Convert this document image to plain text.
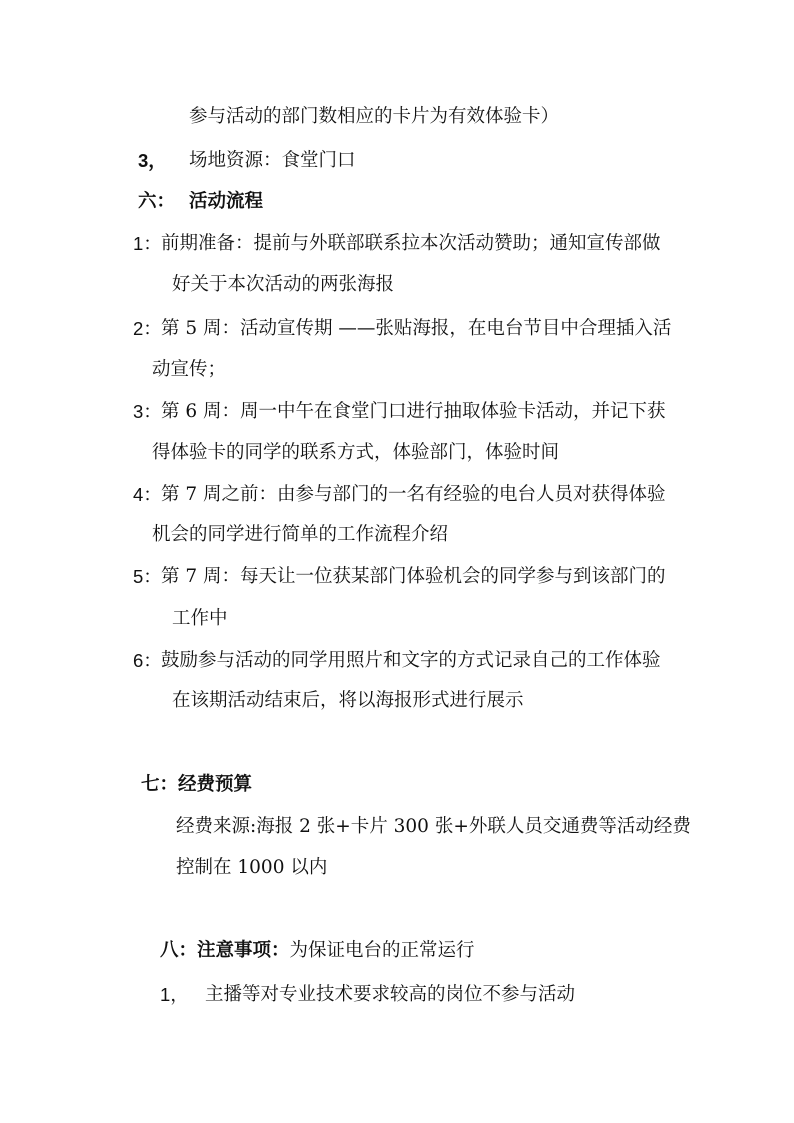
参与活动的部门数相应的卡片为有效体验卡）
3， 场地资源：食堂门口
六： 活动流程
1： 前期准备：提前与外联部联系拉本次活动赞助；通知宣传部做
好关于本次活动的两张海报
2： 第 5 周：活动宣传期 ——张贴海报，在电台节目中合理插入活
动宣传；
3： 第 6 周：周一中午在食堂门口进行抽取体验卡活动，并记下获
得体验卡的同学的联系方式，体验部门，体验时间
4： 第 7 周之前：由参与部门的一名有经验的电台人员对获得体验
机会的同学进行简单的工作流程介绍
5： 第 7 周：每天让一位获某部门体验机会的同学参与到该部门的
工作中
6： 鼓励参与活动的同学用照片和文字的方式记录自己的工作体验
在该期活动结束后，将以海报形式进行展示
七：经费预算
经费来源:海报 2 张+卡片 300 张+外联人员交通费等活动经费
控制在 1000 以内
八：注意事项：为保证电台的正常运行
1， 主播等对专业技术要求较高的岗位不参与活动
